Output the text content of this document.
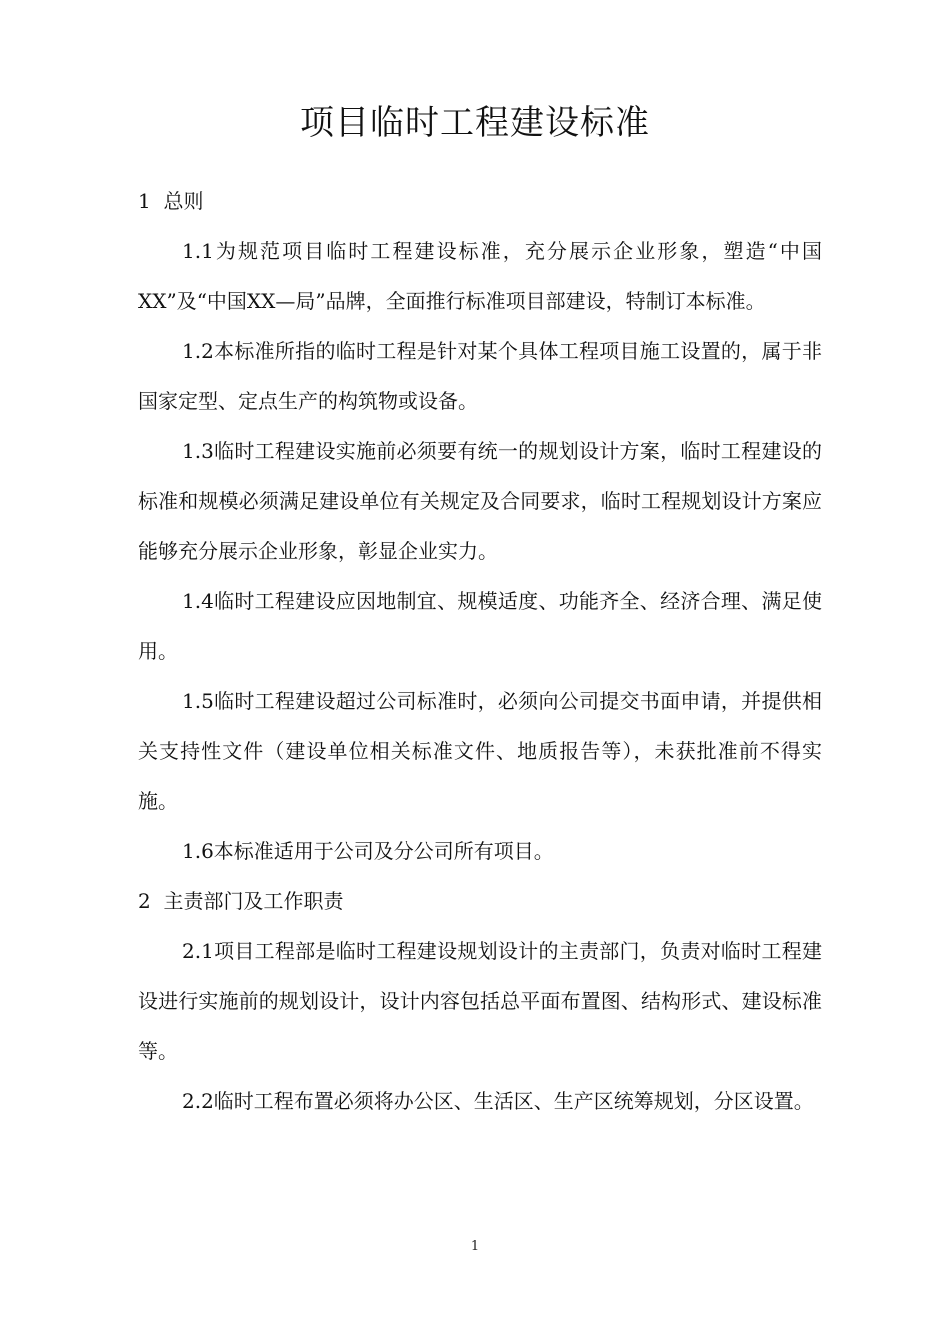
项目临时工程建设标准
1  总则

1.1为规范项目临时工程建设标准，充分展示企业形象，塑造“中国XX”及“中国XX—局”品牌，全面推行标准项目部建设，特制订本标准。

1.2本标准所指的临时工程是针对某个具体工程项目施工设置的，属于非国家定型、定点生产的构筑物或设备。

1.3临时工程建设实施前必须要有统一的规划设计方案，临时工程建设的标准和规模必须满足建设单位有关规定及合同要求，临时工程规划设计方案应能够充分展示企业形象，彰显企业实力。

1.4临时工程建设应因地制宜、规模适度、功能齐全、经济合理、满足使用。

1.5临时工程建设超过公司标准时，必须向公司提交书面申请，并提供相关支持性文件（建设单位相关标准文件、地质报告等），未获批准前不得实施。

1.6本标准适用于公司及分公司所有项目。

2  主责部门及工作职责

2.1项目工程部是临时工程建设规划设计的主责部门，负责对临时工程建设进行实施前的规划设计，设计内容包括总平面布置图、结构形式、建设标准等。

2.2临时工程布置必须将办公区、生活区、生产区统筹规划，分区设置。

1
